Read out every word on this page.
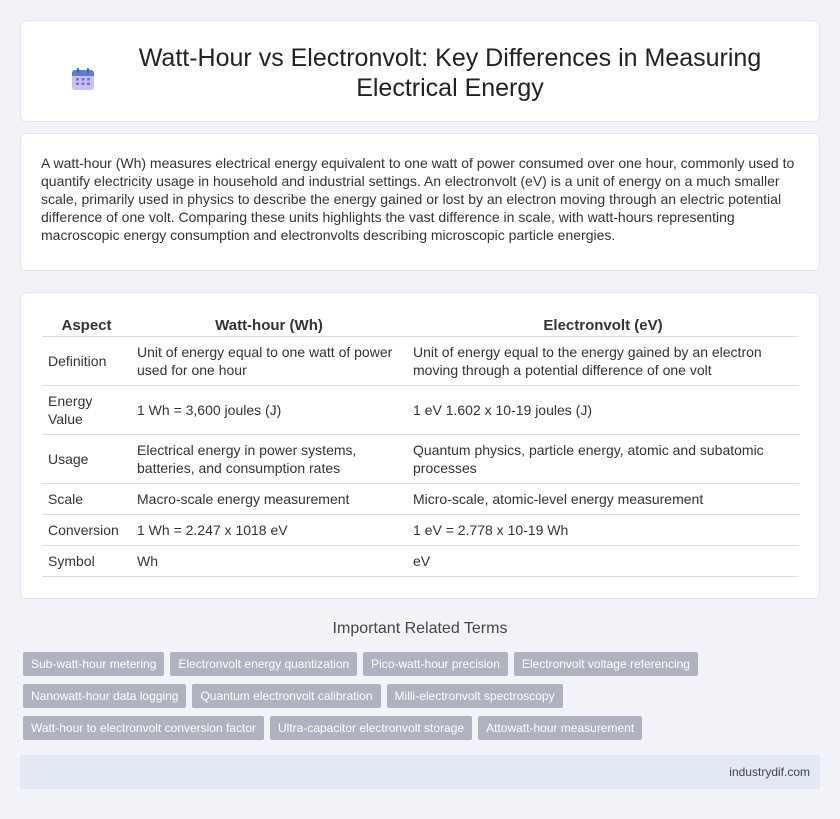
Watt-Hour vs Electronvolt: Key Differences in Measuring Electrical Energy

A watt-hour (Wh) measures electrical energy equivalent to one watt of power consumed over one hour, commonly used to quantify electricity usage in household and industrial settings. An electronvolt (eV) is a unit of energy on a much smaller scale, primarily used in physics to describe the energy gained or lost by an electron moving through an electric potential difference of one volt. Comparing these units highlights the vast difference in scale, with watt-hours representing macroscopic energy consumption and electronvolts describing microscopic particle energies.

Aspect	Watt-hour (Wh)	Electronvolt (eV)
Definition	Unit of energy equal to one watt of power used for one hour	Unit of energy equal to the energy gained by an electron moving through a potential difference of one volt
Energy Value	1 Wh = 3,600 joules (J)	1 eV 1.602 x 10-19 joules (J)
Usage	Electrical energy in power systems, batteries, and consumption rates	Quantum physics, particle energy, atomic and subatomic processes
Scale	Macro-scale energy measurement	Micro-scale, atomic-level energy measurement
Conversion	1 Wh = 2.247 x 1018 eV	1 eV = 2.778 x 10-19 Wh
Symbol	Wh	eV
Important Related Terms
Sub-watt-hour metering	Electronvolt energy quantization	Pico-watt-hour precision	Electronvolt voltage referencing
Nanowatt-hour data logging	Quantum electronvolt calibration	Milli-electronvolt spectroscopy
Watt-hour to electronvolt conversion factor	Ultra-capacitor electronvolt storage	Attowatt-hour measurement
industrydif.com
